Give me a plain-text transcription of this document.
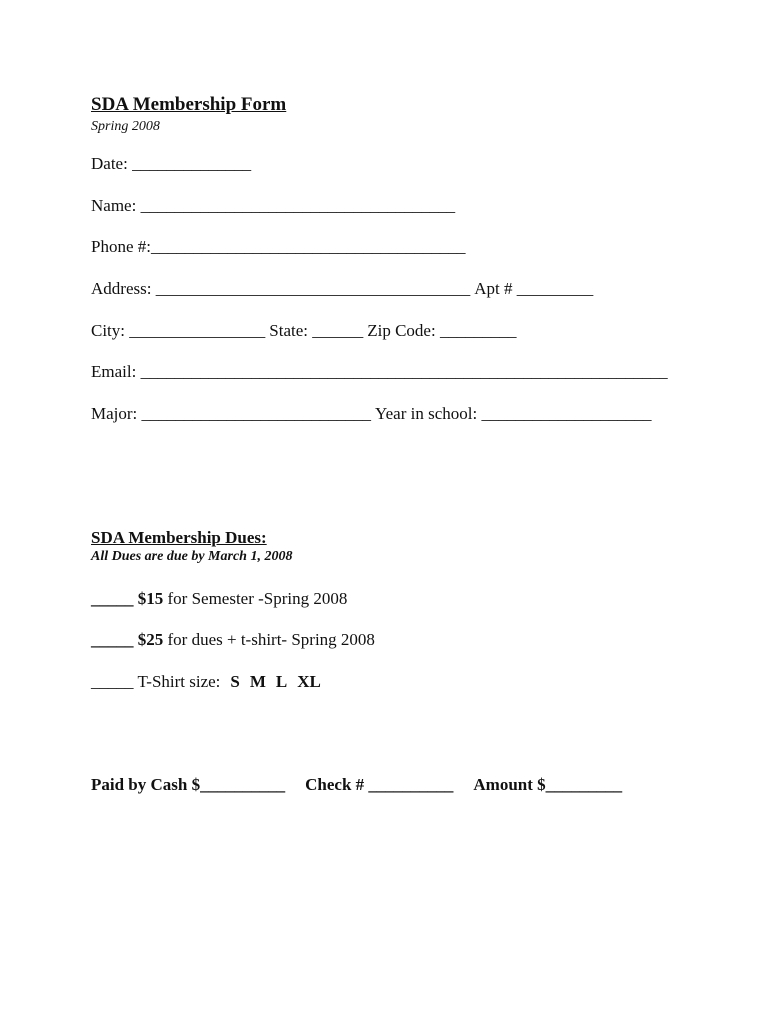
SDA Membership Form
Spring 2008
Date: ______________
Name: _____________________________________
Phone #:_____________________________________
Address: _____________________________________ Apt # _________
City: ________________ State: ______ Zip Code: _________
Email: ______________________________________________________________
Major: ___________________________ Year in school: ____________________
SDA Membership Dues:
All Dues are due by March 1, 2008
_____ $15 for Semester -Spring 2008
_____ $25 for dues + t-shirt- Spring 2008
_____ T-Shirt size: S M L XL
Paid by Cash $__________ Check # __________ Amount $_________
